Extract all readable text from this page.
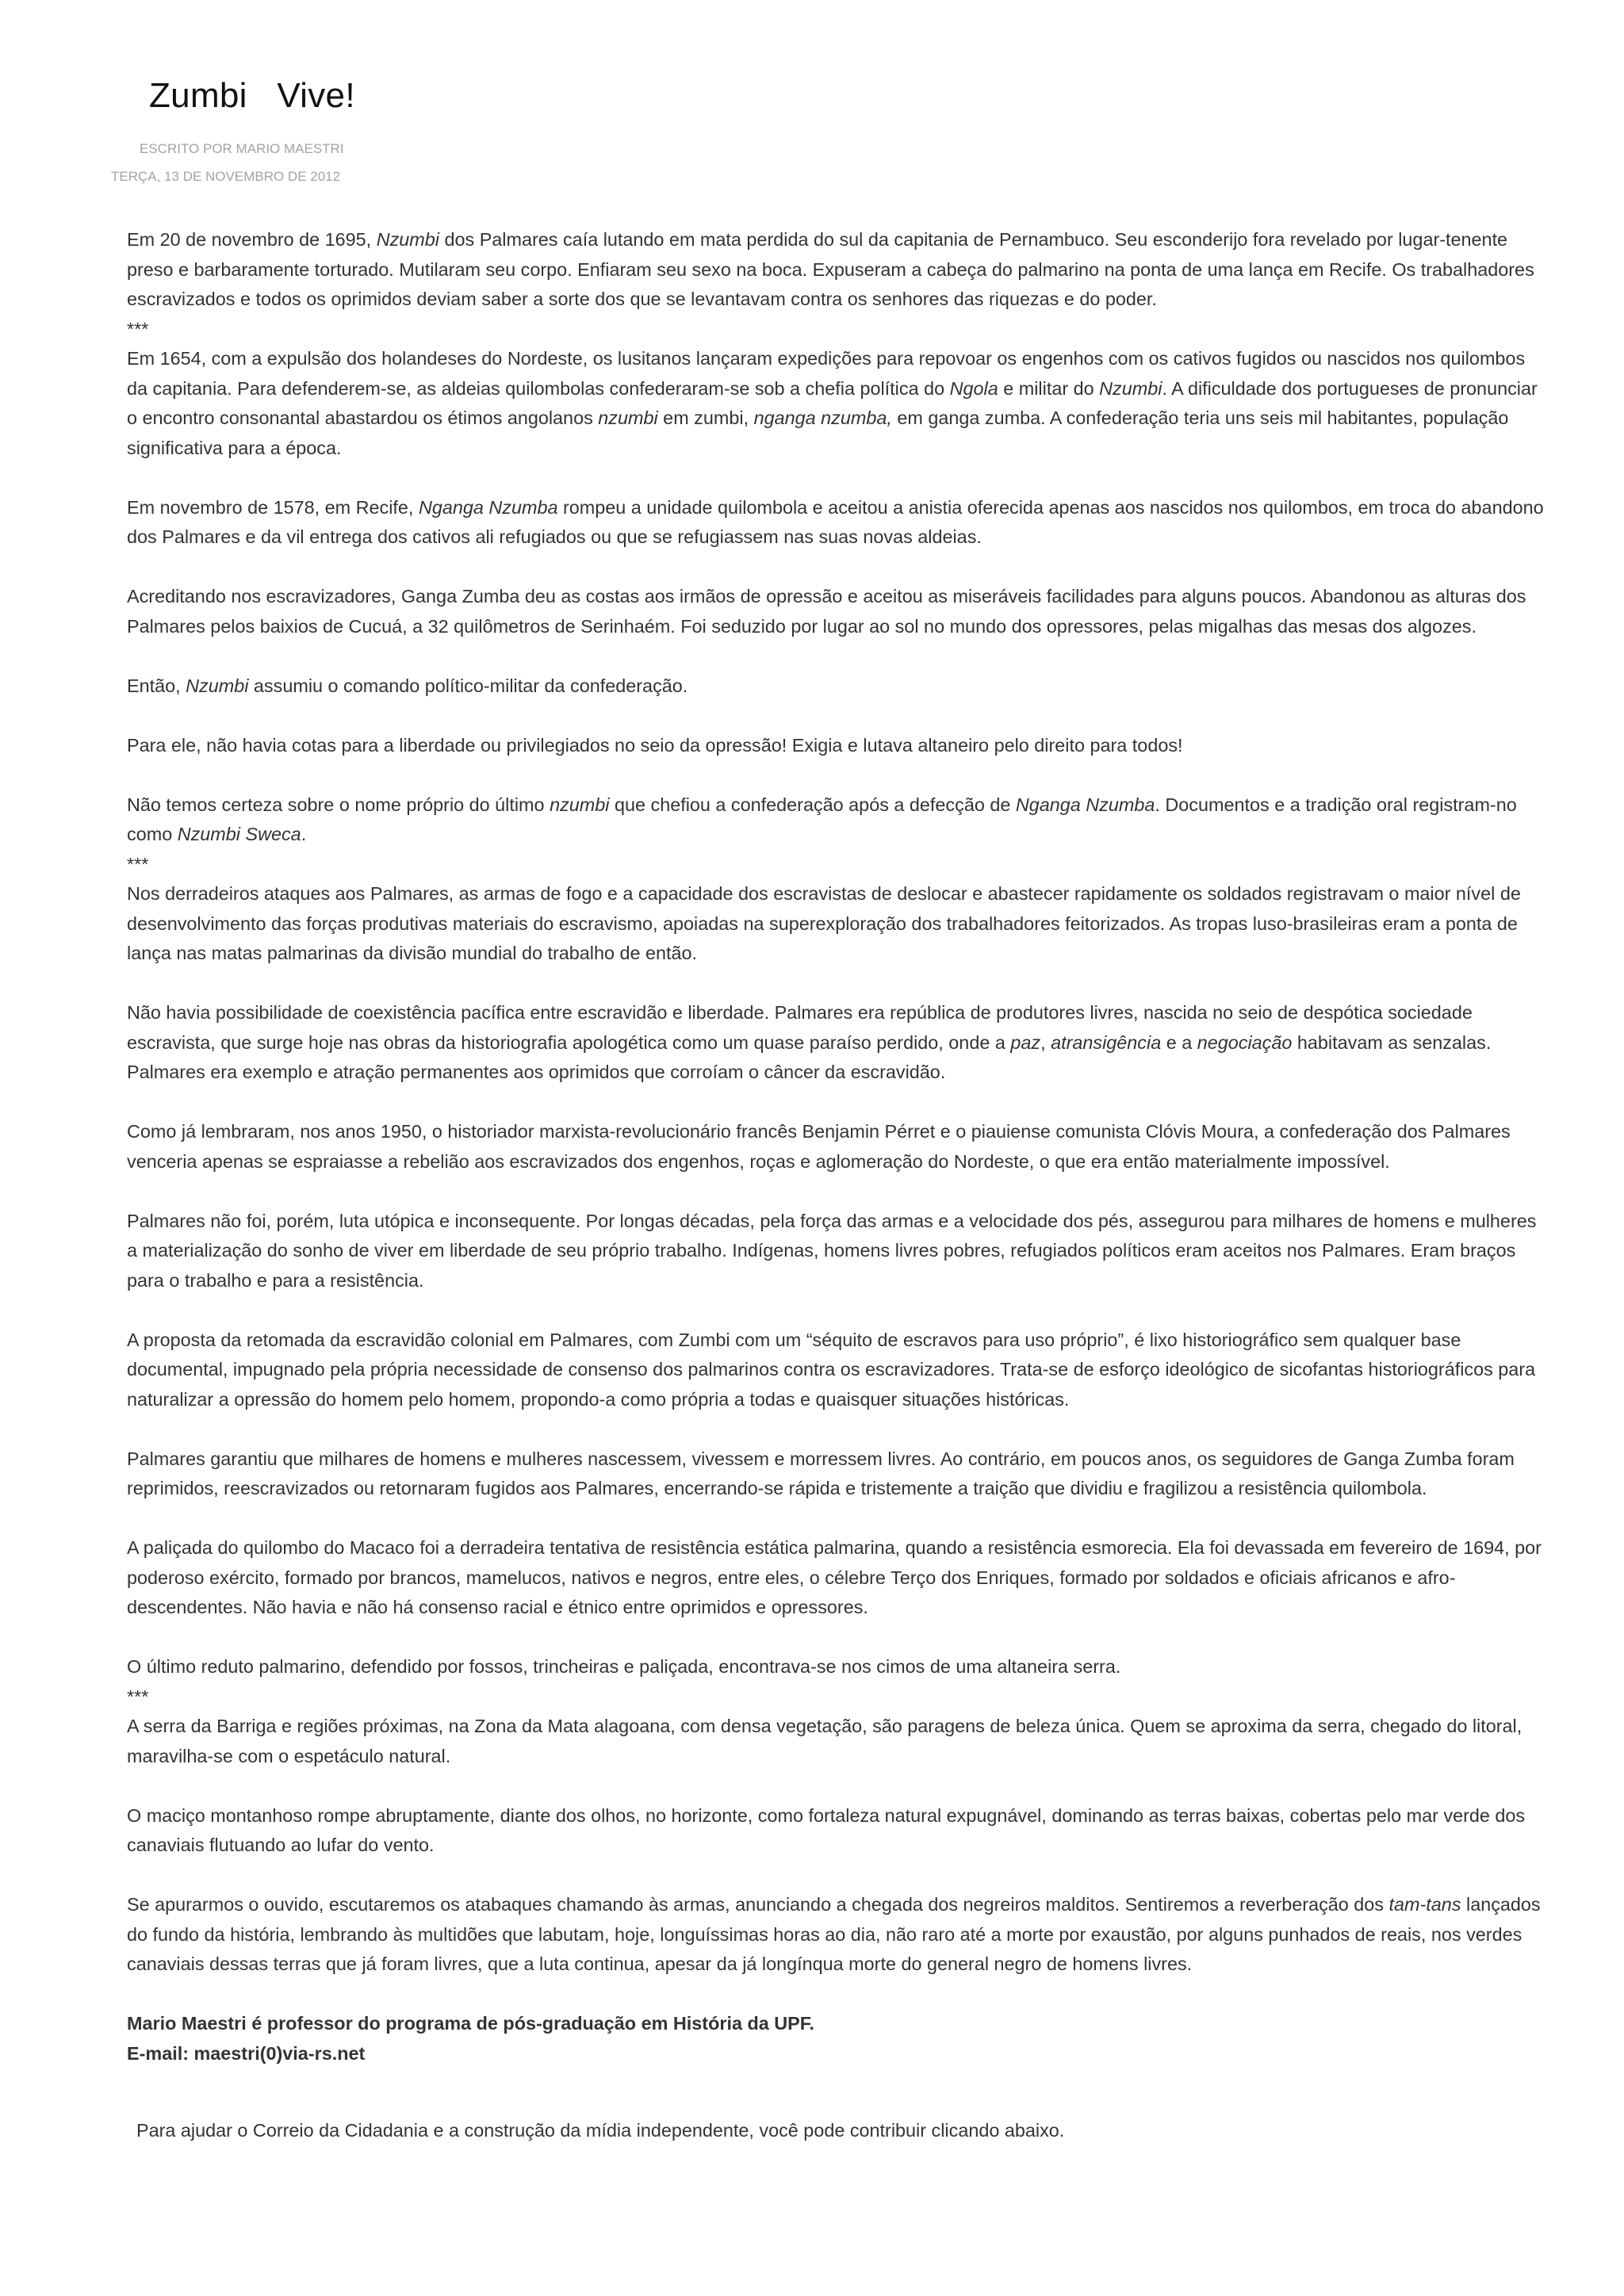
Zumbi   Vive!
ESCRITO POR MARIO MAESTRI
TERÇA, 13 DE NOVEMBRO DE 2012

Em 20 de novembro de 1695, Nzumbi dos Palmares caía lutando em mata perdida do sul da capitania de Pernambuco. Seu esconderijo fora revelado por lugar-tenente preso e barbaramente torturado. Mutilaram seu corpo. Enfiaram seu sexo na boca. Expuseram a cabeça do palmarino na ponta de uma lança em Recife. Os trabalhadores escravizados e todos os oprimidos deviam saber a sorte dos que se levantavam contra os senhores das riquezas e do poder.

***

Em 1654, com a expulsão dos holandeses do Nordeste, os lusitanos lançaram expedições para repovoar os engenhos com os cativos fugidos ou nascidos nos quilombos da capitania. Para defenderem-se, as aldeias quilombolas confederaram-se sob a chefia política do Ngola e militar do Nzumbi. A dificuldade dos portugueses de pronunciar o encontro consonantal abastardou os étimos angolanos nzumbi em zumbi, nganga nzumba, em ganga zumba. A confederação teria uns seis mil habitantes, população significativa para a época.

Em novembro de 1578, em Recife, Nganga Nzumba rompeu a unidade quilombola e aceitou a anistia oferecida apenas aos nascidos nos quilombos, em troca do abandono dos Palmares e da vil entrega dos cativos ali refugiados ou que se refugiassem nas suas novas aldeias.

Acreditando nos escravizadores, Ganga Zumba deu as costas aos irmãos de opressão e aceitou as miseráveis facilidades para alguns poucos. Abandonou as alturas dos Palmares pelos baixios de Cucuá, a 32 quilômetros de Serinhaém. Foi seduzido por lugar ao sol no mundo dos opressores, pelas migalhas das mesas dos algozes.

Então, Nzumbi assumiu o comando político-militar da confederação.

Para ele, não havia cotas para a liberdade ou privilegiados no seio da opressão! Exigia e lutava altaneiro pelo direito para todos!

Não temos certeza sobre o nome próprio do último nzumbi que chefiou a confederação após a defecção de Nganga Nzumba. Documentos e a tradição oral registram-no como Nzumbi Sweca.

***

Nos derradeiros ataques aos Palmares, as armas de fogo e a capacidade dos escravistas de deslocar e abastecer rapidamente os soldados registravam o maior nível de desenvolvimento das forças produtivas materiais do escravismo, apoiadas na superexploração dos trabalhadores feitorizados. As tropas luso-brasileiras eram a ponta de lança nas matas palmarinas da divisão mundial do trabalho de então.

Não havia possibilidade de coexistência pacífica entre escravidão e liberdade. Palmares era república de produtores livres, nascida no seio de despótica sociedade escravista, que surge hoje nas obras da historiografia apologética como um quase paraíso perdido, onde a paz, atransigência e a negociação habitavam as senzalas. Palmares era exemplo e atração permanentes aos oprimidos que corroíam o câncer da escravidão.

Como já lembraram, nos anos 1950, o historiador marxista-revolucionário francês Benjamin Pérret e o piauiense comunista Clóvis Moura, a confederação dos Palmares venceria apenas se espraiasse a rebelião aos escravizados dos engenhos, roças e aglomeração do Nordeste, o que era então materialmente impossível.

Palmares não foi, porém, luta utópica e inconsequente. Por longas décadas, pela força das armas e a velocidade dos pés, assegurou para milhares de homens e mulheres a materialização do sonho de viver em liberdade de seu próprio trabalho. Indígenas, homens livres pobres, refugiados políticos eram aceitos nos Palmares. Eram braços para o trabalho e para a resistência.

A proposta da retomada da escravidão colonial em Palmares, com Zumbi com um “séquito de escravos para uso próprio”, é lixo historiográfico sem qualquer base documental, impugnado pela própria necessidade de consenso dos palmarinos contra os escravizadores. Trata-se de esforço ideológico de sicofantas historiográficos para naturalizar a opressão do homem pelo homem, propondo-a como própria a todas e quaisquer situações históricas.

Palmares garantiu que milhares de homens e mulheres nascessem, vivessem e morressem livres. Ao contrário, em poucos anos, os seguidores de Ganga Zumba foram reprimidos, reescravizados ou retornaram fugidos aos Palmares, encerrando-se rápida e tristemente a traição que dividiu e fragilizou a resistência quilombola.

A paliçada do quilombo do Macaco foi a derradeira tentativa de resistência estática palmarina, quando a resistência esmorecia. Ela foi devassada em fevereiro de 1694, por poderoso exército, formado por brancos, mamelucos, nativos e negros, entre eles, o célebre Terço dos Enriques, formado por soldados e oficiais africanos e afro-descendentes. Não havia e não há consenso racial e étnico entre oprimidos e opressores.

O último reduto palmarino, defendido por fossos, trincheiras e paliçada, encontrava-se nos cimos de uma altaneira serra.

***

A serra da Barriga e regiões próximas, na Zona da Mata alagoana, com densa vegetação, são paragens de beleza única. Quem se aproxima da serra, chegado do litoral, maravilha-se com o espetáculo natural.

O maciço montanhoso rompe abruptamente, diante dos olhos, no horizonte, como fortaleza natural expugnável, dominando as terras baixas, cobertas pelo mar verde dos canaviais flutuando ao lufar do vento.

Se apurarmos o ouvido, escutaremos os atabaques chamando às armas, anunciando a chegada dos negreiros malditos. Sentiremos a reverberação dos tam-tans lançados do fundo da história, lembrando às multidões que labutam, hoje, longuíssimas horas ao dia, não raro até a morte por exaustão, por alguns punhados de reais, nos verdes canaviais dessas terras que já foram livres, que a luta continua, apesar da já longínqua morte do general negro de homens livres.

Mario Maestri é professor do programa de pós-graduação em História da UPF.

E-mail: maestri(0)via-rs.net

Para ajudar o Correio da Cidadania e a construção da mídia independente, você pode contribuir clicando abaixo.
